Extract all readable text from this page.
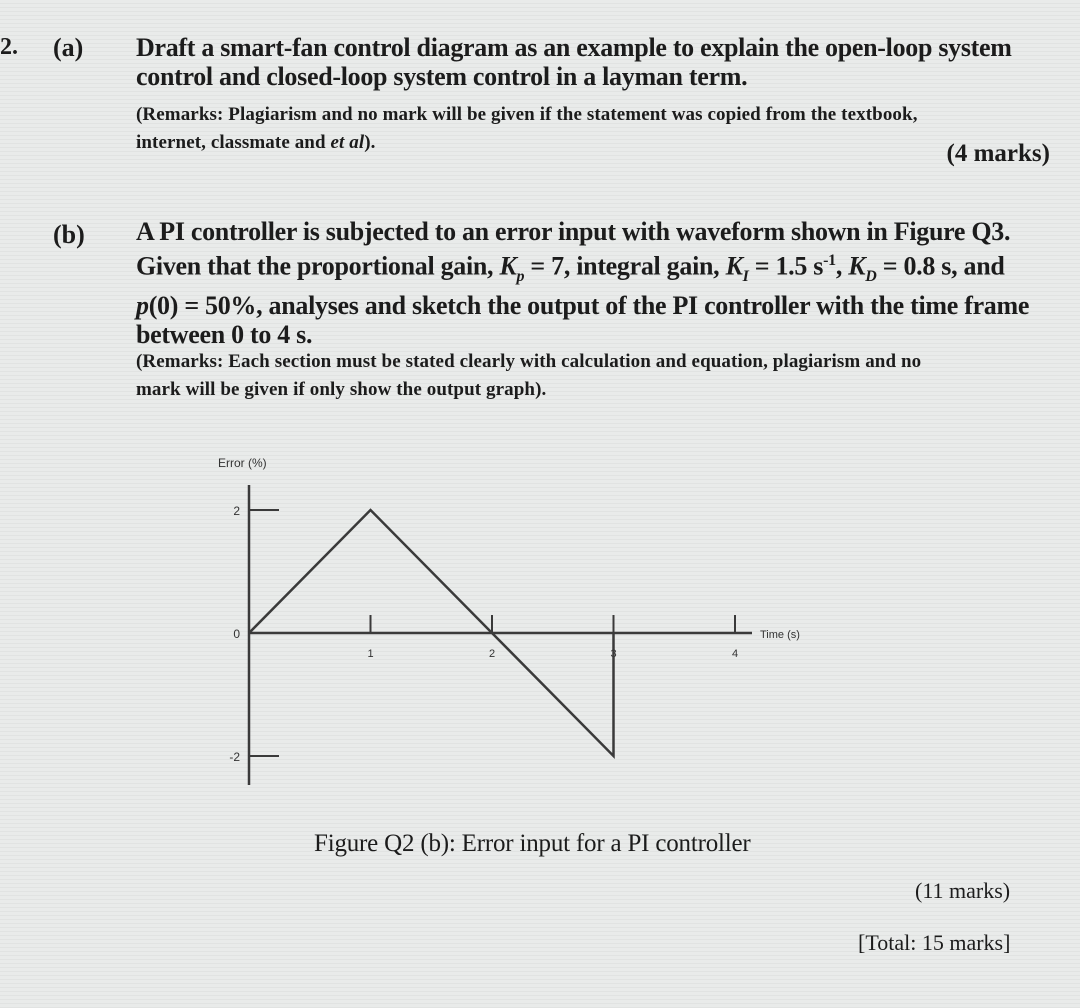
2. (a) Draft a smart-fan control diagram as an example to explain the open-loop system
control and closed-loop system control in a layman term.
(Remarks: Plagiarism and no mark will be given if the statement was copied from the textbook,
internet, classmate and et al).	(4 marks)
(b) A PI controller is subjected to an error input with waveform shown in Figure Q3.
Given that the proportional gain, $K_p = 7$, integral gain, $K_I = 1.5$ $s^{-1}$, $K_D = 0.8$ s, and
p(0) = 50%, analyses and sketch the output of the PI controller with the time frame
between 0 to 4 s.
(Remarks: Each section must be stated clearly with calculation and equation, plagiarism and no
mark will be given if only show the output graph).
2
0
-2
1	2	3	4
Error (%)
Time (s)
Figure Q2 (b): Error input for a PI controller
(11 marks)
[Total: 15 marks]
